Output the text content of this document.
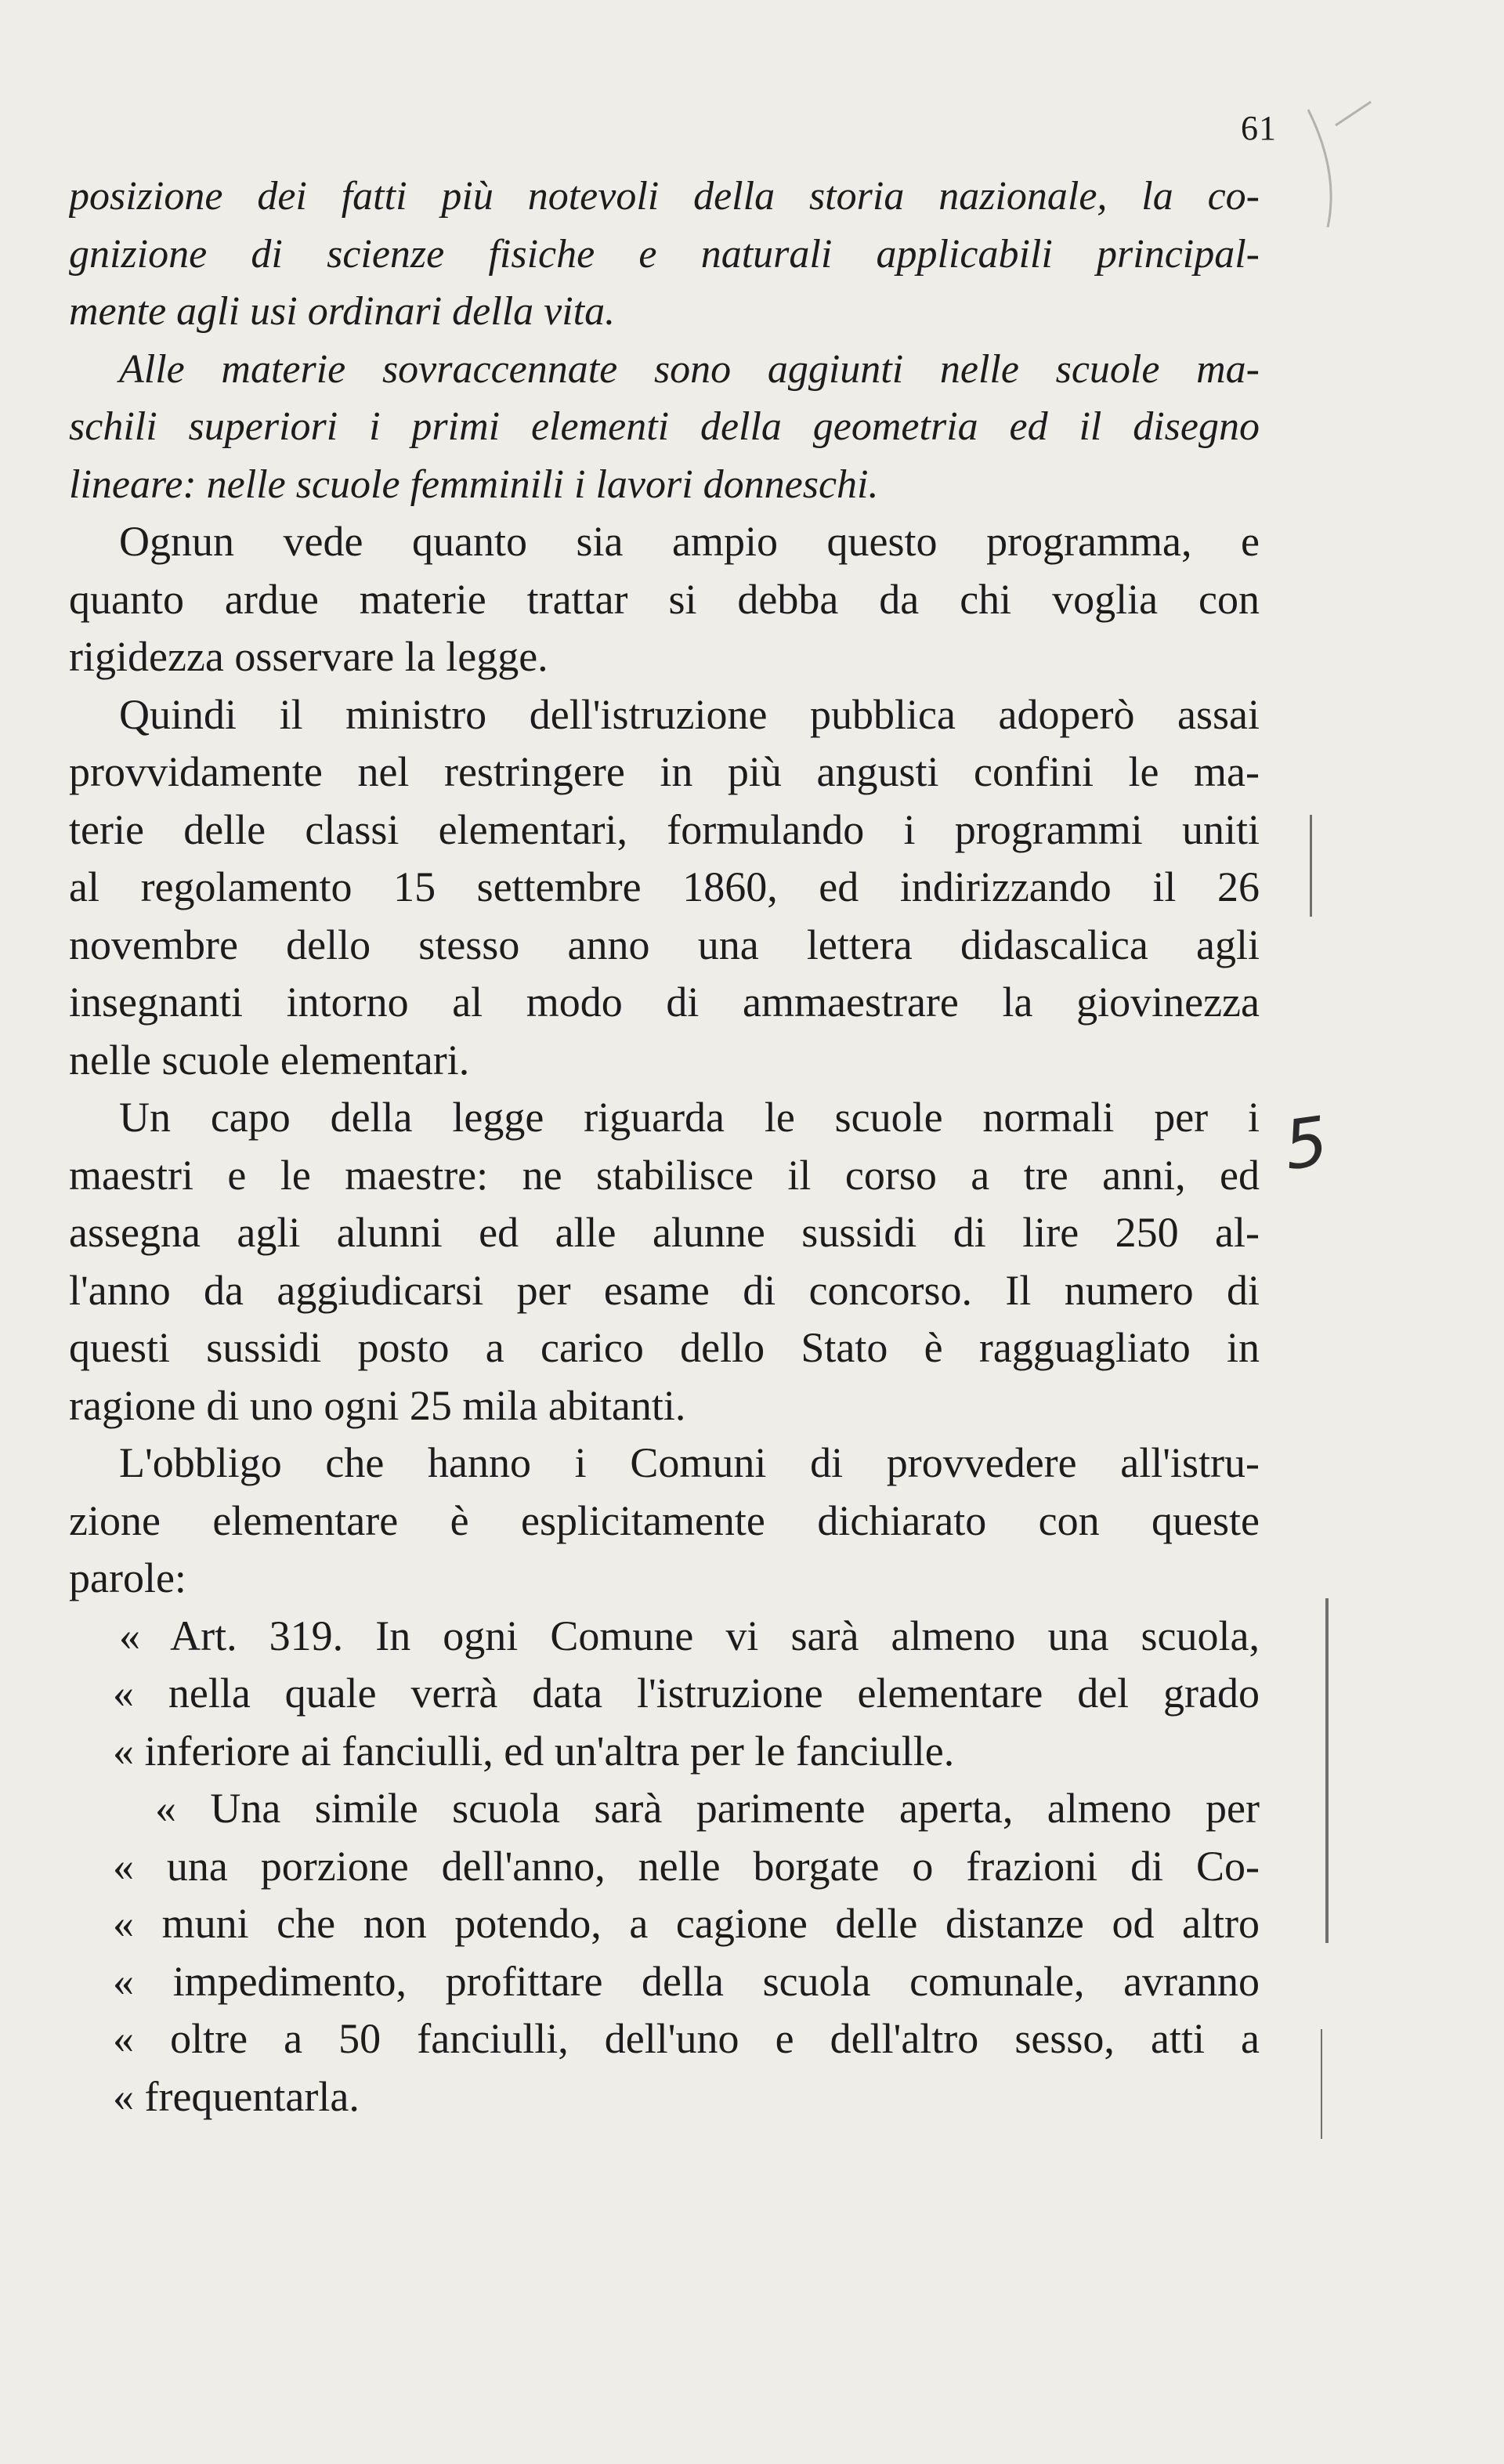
61
posizione dei fatti più notevoli della storia nazionale, la co-
gnizione di scienze fisiche e naturali applicabili principal-
mente agli usi ordinari della vita.
Alle materie sovraccennate sono aggiunti nelle scuole ma-
schili superiori i primi elementi della geometria ed il disegno
lineare: nelle scuole femminili i lavori donneschi.
Ognun vede quanto sia ampio questo programma, e
quanto ardue materie trattar si debba da chi voglia con
rigidezza osservare la legge.
Quindi il ministro dell'istruzione pubblica adoperò assai
provvidamente nel restringere in più angusti confini le ma-
terie delle classi elementari, formulando i programmi uniti
al regolamento 15 settembre 1860, ed indirizzando il 26
novembre dello stesso anno una lettera didascalica agli
insegnanti intorno al modo di ammaestrare la giovinezza
nelle scuole elementari.
Un capo della legge riguarda le scuole normali per i
maestri e le maestre: ne stabilisce il corso a tre anni, ed
assegna agli alunni ed alle alunne sussidi di lire 250 al-
l'anno da aggiudicarsi per esame di concorso. Il numero di
questi sussidi posto a carico dello Stato è ragguagliato in
ragione di uno ogni 25 mila abitanti.
L'obbligo che hanno i Comuni di provvedere all'istru-
zione elementare è esplicitamente dichiarato con queste
parole:
« Art. 319. In ogni Comune vi sarà almeno una scuola,
« nella quale verrà data l'istruzione elementare del grado
« inferiore ai fanciulli, ed un'altra per le fanciulle.
« Una simile scuola sarà parimente aperta, almeno per
« una porzione dell'anno, nelle borgate o frazioni di Co-
« muni che non potendo, a cagione delle distanze od altro
« impedimento, profittare della scuola comunale, avranno
« oltre a 50 fanciulli, dell'uno e dell'altro sesso, atti a
« frequentarla.
5
